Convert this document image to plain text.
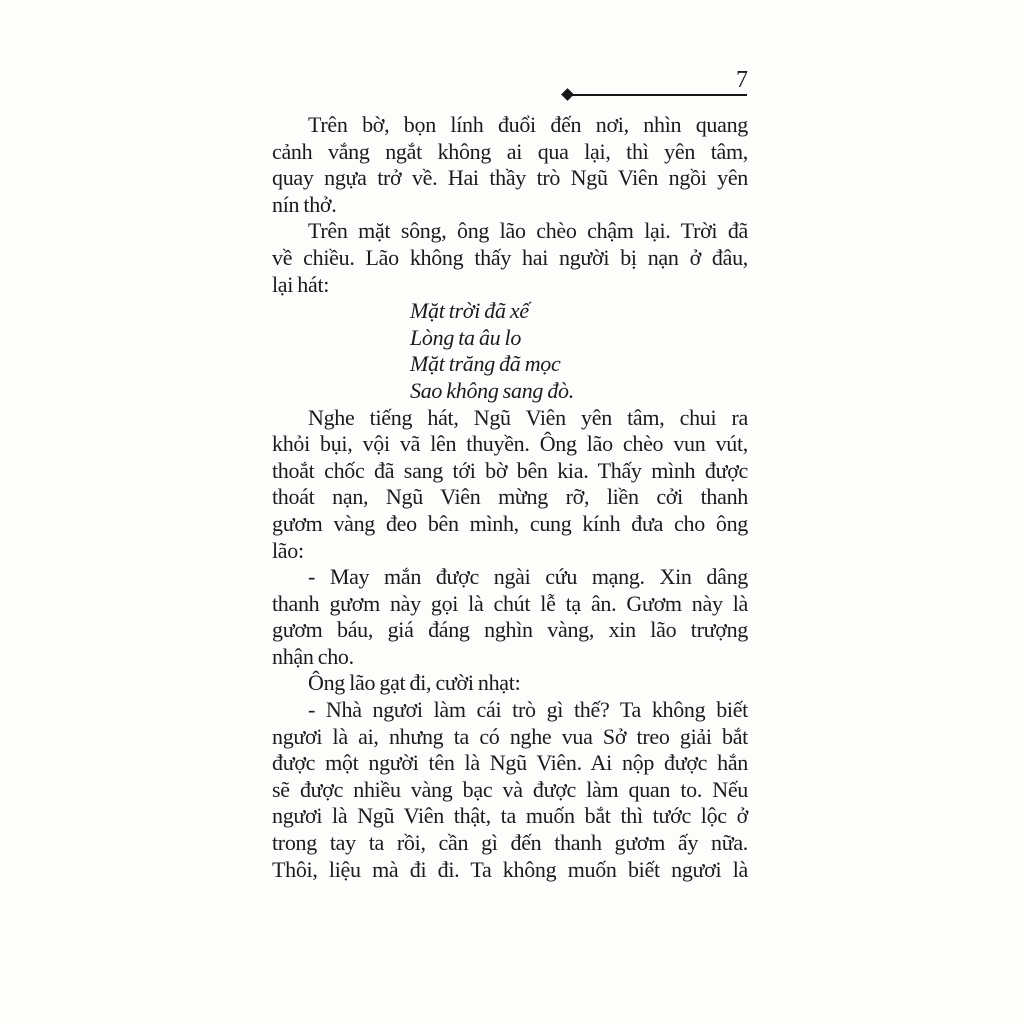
7
Trên bờ, bọn lính đuổi đến nơi, nhìn quang
cảnh vắng ngắt không ai qua lại, thì yên tâm,
quay ngựa trở về. Hai thầy trò Ngũ Viên ngồi yên
nín thở.
Trên mặt sông, ông lão chèo chậm lại. Trời đã
về chiều. Lão không thấy hai người bị nạn ở đâu,
lại hát:
Mặt trời đã xế
Lòng ta âu lo
Mặt trăng đã mọc
Sao không sang đò.
Nghe tiếng hát, Ngũ Viên yên tâm, chui ra
khỏi bụi, vội vã lên thuyền. Ông lão chèo vun vút,
thoắt chốc đã sang tới bờ bên kia. Thấy mình được
thoát nạn, Ngũ Viên mừng rỡ, liền cởi thanh
gươm vàng đeo bên mình, cung kính đưa cho ông
lão:
- May mắn được ngài cứu mạng. Xin dâng
thanh gươm này gọi là chút lễ tạ ân. Gươm này là
gươm báu, giá đáng nghìn vàng, xin lão trượng
nhận cho.
Ông lão gạt đi, cười nhạt:
- Nhà ngươi làm cái trò gì thế? Ta không biết
ngươi là ai, nhưng ta có nghe vua Sở treo giải bắt
được một người tên là Ngũ Viên. Ai nộp được hắn
sẽ được nhiều vàng bạc và được làm quan to. Nếu
ngươi là Ngũ Viên thật, ta muốn bắt thì tước lộc ở
trong tay ta rồi, cần gì đến thanh gươm ấy nữa.
Thôi, liệu mà đi đi. Ta không muốn biết ngươi là
